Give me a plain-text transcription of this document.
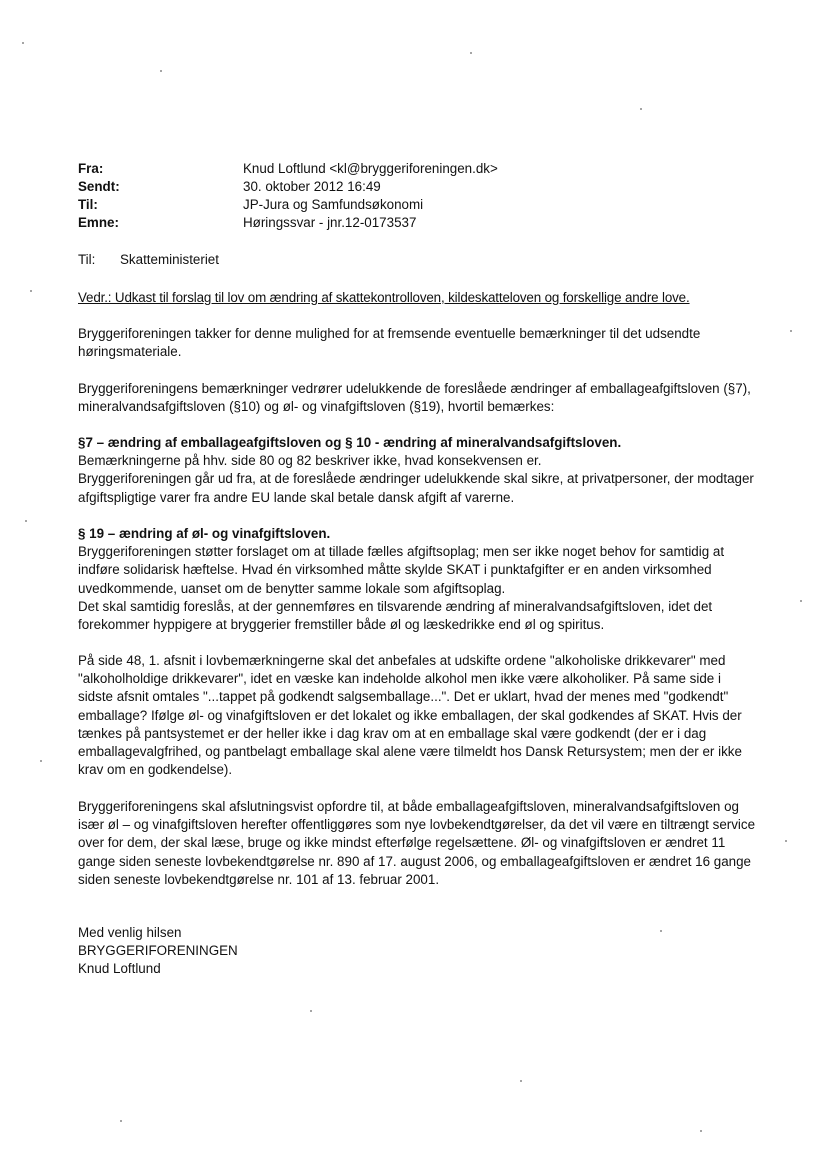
Fra:	Knud Loftlund <kl@bryggeriforeningen.dk>
Sendt:	30. oktober 2012 16:49
Til:	JP-Jura og Samfundsøkonomi
Emne:	Høringssvar - jnr.12-0173537
Til: Skatteministeriet

Vedr.: Udkast til forslag til lov om ændring af skattekontrolloven, kildeskatteloven og forskellige andre love.

Bryggeriforeningen takker for denne mulighed for at fremsende eventuelle bemærkninger til det udsendte høringsmateriale.

Bryggeriforeningens bemærkninger vedrører udelukkende de foreslåede ændringer af emballageafgiftsloven (§7), mineralvandsafgiftsloven (§10) og øl- og vinafgiftsloven (§19), hvortil bemærkes:

§7 – ændring af emballageafgiftsloven og § 10 - ændring af mineralvandsafgiftsloven.

Bemærkningerne på hhv. side 80 og 82 beskriver ikke, hvad konsekvensen er.

Bryggeriforeningen går ud fra, at de foreslåede ændringer udelukkende skal sikre, at privatpersoner, der modtager afgiftspligtige varer fra andre EU lande skal betale dansk afgift af varerne.

§ 19 – ændring af øl- og vinafgiftsloven.

Bryggeriforeningen støtter forslaget om at tillade fælles afgiftsoplag; men ser ikke noget behov for samtidig at indføre solidarisk hæftelse. Hvad én virksomhed måtte skylde SKAT i punktafgifter er en anden virksomhed uvedkommende, uanset om de benytter samme lokale som afgiftsoplag.

Det skal samtidig foreslås, at der gennemføres en tilsvarende ændring af mineralvandsafgiftsloven, idet det forekommer hyppigere at bryggerier fremstiller både øl og læskedrikke end øl og spiritus.

På side 48, 1. afsnit i lovbemærkningerne skal det anbefales at udskifte ordene "alkoholiske drikkevarer" med "alkoholholdige drikkevarer", idet en væske kan indeholde alkohol men ikke være alkoholiker. På same side i sidste afsnit omtales "...tappet på godkendt salgsemballage...". Det er uklart, hvad der menes med "godkendt" emballage? Ifølge øl- og vinafgiftsloven er det lokalet og ikke emballagen, der skal godkendes af SKAT. Hvis der tænkes på pantsystemet er der heller ikke i dag krav om at en emballage skal være godkendt (der er i dag emballagevalgfrihed, og pantbelagt emballage skal alene være tilmeldt hos Dansk Retursystem; men der er ikke krav om en godkendelse).

Bryggeriforeningens skal afslutningsvist opfordre til, at både emballageafgiftsloven, mineralvandsafgiftsloven og især øl – og vinafgiftsloven herefter offentliggøres som nye lovbekendtgørelser, da det vil være en tiltrængt service over for dem, der skal læse, bruge og ikke mindst efterfølge regelsættene. Øl- og vinafgiftsloven er ændret 11 gange siden seneste lovbekendtgørelse nr. 890 af 17. august 2006, og emballageafgiftsloven er ændret 16 gange siden seneste lovbekendtgørelse nr. 101 af 13. februar 2001.

Med venlig hilsen

BRYGGERIFORENINGEN

Knud Loftlund
